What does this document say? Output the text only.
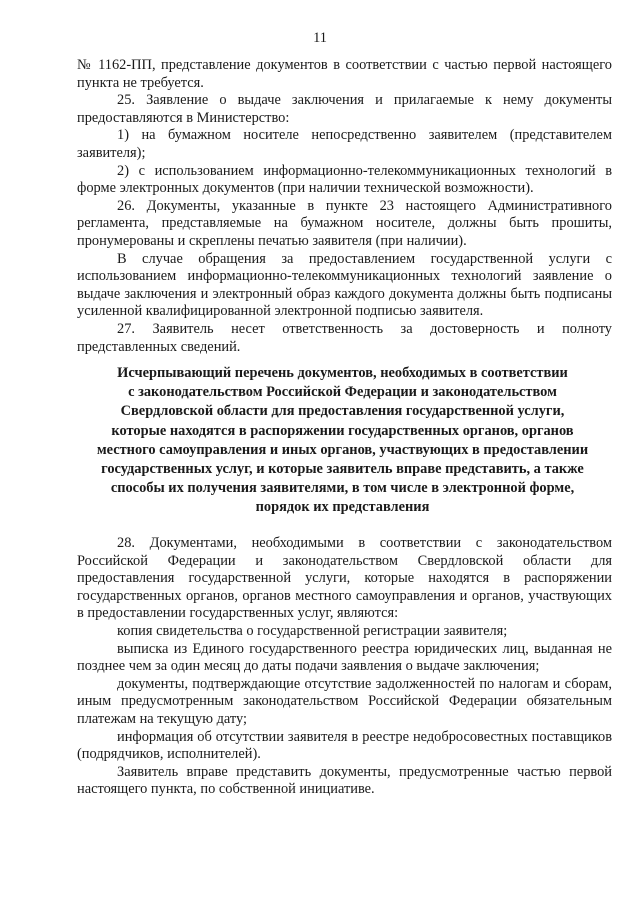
11

№ 1162-ПП, представление документов в соответствии с частью первой настоящего пункта не требуется.

25. Заявление о выдаче заключения и прилагаемые к нему документы предоставляются в Министерство:

1) на бумажном носителе непосредственно заявителем (представителем заявителя);

2) с использованием информационно-телекоммуникационных технологий в форме электронных документов (при наличии технической возможности).

26. Документы, указанные в пункте 23 настоящего Административного регламента, представляемые на бумажном носителе, должны быть прошиты, пронумерованы и скреплены печатью заявителя (при наличии).

В случае обращения за предоставлением государственной услуги с использованием информационно-телекоммуникационных технологий заявление о выдаче заключения и электронный образ каждого документа должны быть подписаны усиленной квалифицированной электронной подписью заявителя.

27. Заявитель несет ответственность за достоверность и полноту представленных сведений.

Исчерпывающий перечень документов, необходимых в соответствии
с законодательством Российской Федерации и законодательством
Свердловской области для предоставления государственной услуги,
которые находятся в распоряжении государственных органов, органов
местного самоуправления и иных органов, участвующих в предоставлении
государственных услуг, и которые заявитель вправе представить, а также
способы их получения заявителями, в том числе в электронной форме,
порядок их представления

28. Документами, необходимыми в соответствии с законодательством Российской Федерации и законодательством Свердловской области для предоставления государственной услуги, которые находятся в распоряжении государственных органов, органов местного самоуправления и органов, участвующих в предоставлении государственных услуг, являются:

копия свидетельства о государственной регистрации заявителя;

выписка из Единого государственного реестра юридических лиц, выданная не позднее чем за один месяц до даты подачи заявления о выдаче заключения;

документы, подтверждающие отсутствие задолженностей по налогам и сборам, иным предусмотренным законодательством Российской Федерации обязательным платежам на текущую дату;

информация об отсутствии заявителя в реестре недобросовестных поставщиков (подрядчиков, исполнителей).

Заявитель вправе представить документы, предусмотренные частью первой настоящего пункта, по собственной инициативе.
